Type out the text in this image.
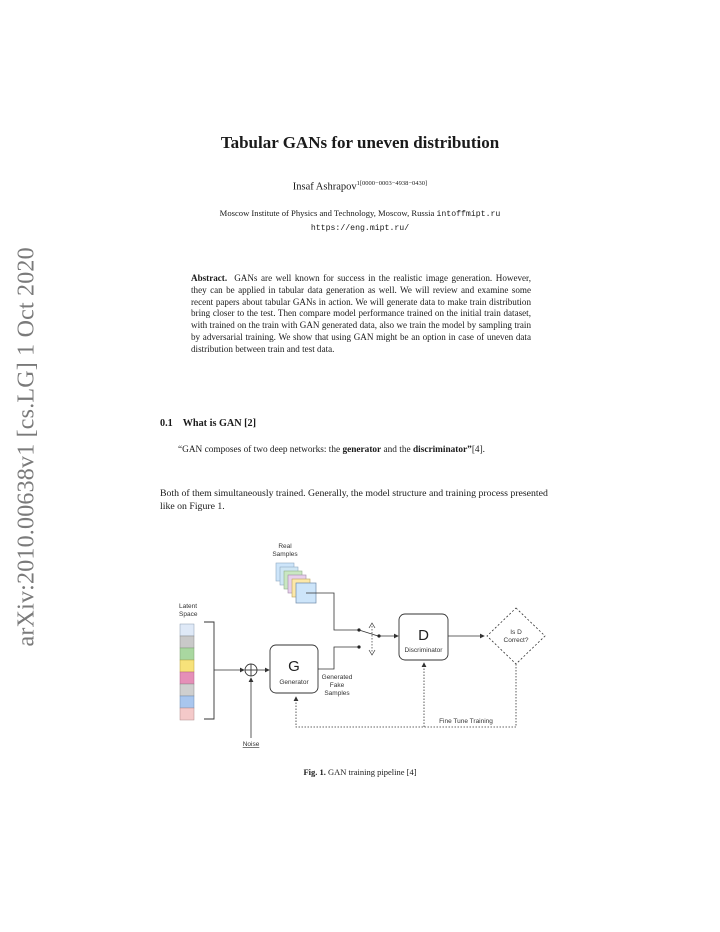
arXiv:2010.00638v1 [cs.LG] 1 Oct 2020
Tabular GANs for uneven distribution
Insaf Ashrapov$^{1[0000-0003-4938-0430]}$
Moscow Institute of Physics and Technology, Moscow, Russia intoffmipt.ru
https://eng.mipt.ru/
Abstract. GANs are well known for success in the realistic image generation. However, they can be applied in tabular data generation as well. We will review and examine some recent papers about tabular GANs in action. We will generate data to make train distribution bring closer to the test. Then compare model performance trained on the initial train dataset, with trained on the train with GAN generated data, also we train the model by sampling train by adversarial training. We show that using GAN might be an option in case of uneven data distribution between train and test data.
0.1 What is GAN [2]
“GAN composes of two deep networks: the generator and the discriminator”[4].
Both of them simultaneously trained. Generally, the model structure and training process presented like on Figure 1.
Real
Samples
Latent
Space
Noise
G
Generator
Generated
Fake
Samples
D
Discriminator
Is D
Correct?
Fine Tune Training
Fig. 1. GAN training pipeline [4]
